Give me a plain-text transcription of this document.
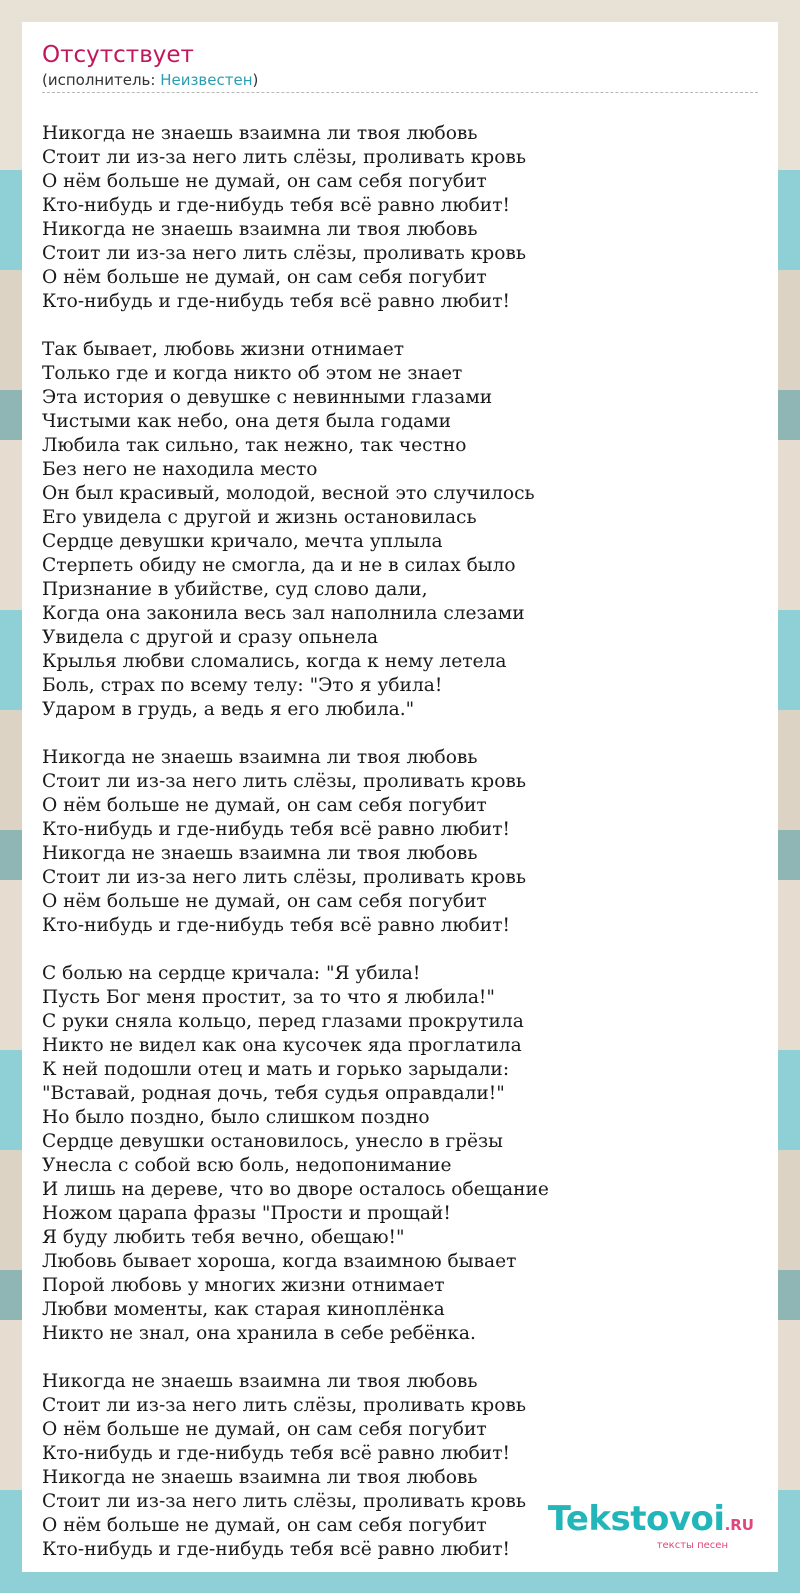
Отсутствует
(исполнитель: Неизвестен)
Никогда не знаешь взаимна ли твоя любовь
Стоит ли из-за него лить слёзы, проливать кровь
О нём больше не думай, он сам себя погубит
Кто-нибудь и где-нибудь тебя всё равно любит!
Никогда не знаешь взаимна ли твоя любовь
Стоит ли из-за него лить слёзы, проливать кровь
О нём больше не думай, он сам себя погубит
Кто-нибудь и где-нибудь тебя всё равно любит!
Так бывает, любовь жизни отнимает
Только где и когда никто об этом не знает
Эта история о девушке с невинными глазами
Чистыми как небо, она детя была годами
Любила так сильно, так нежно, так честно
Без него не находила место
Он был красивый, молодой, весной это случилось
Его увидела с другой и жизнь остановилась
Сердце девушки кричало, мечта уплыла
Стерпеть обиду не смогла, да и не в силах было
Признание в убийстве, суд слово дали,
Когда она законила весь зал наполнила слезами
Увидела с другой и сразу опьнела
Крылья любви сломались, когда к нему летела
Боль, страх по всему телу: "Это я убила!
Ударом в грудь, а ведь я его любила."
Никогда не знаешь взаимна ли твоя любовь
Стоит ли из-за него лить слёзы, проливать кровь
О нём больше не думай, он сам себя погубит
Кто-нибудь и где-нибудь тебя всё равно любит!
Никогда не знаешь взаимна ли твоя любовь
Стоит ли из-за него лить слёзы, проливать кровь
О нём больше не думай, он сам себя погубит
Кто-нибудь и где-нибудь тебя всё равно любит!
С болью на сердце кричала: "Я убила!
Пусть Бог меня простит, за то что я любила!"
С руки сняла кольцо, перед глазами прокрутила
Никто не видел как она кусочек яда проглатила
К ней подошли отец и мать и горько зарыдали:
"Вставай, родная дочь, тебя судья оправдали!"
Но было поздно, было слишком поздно
Сердце девушки остановилось, унесло в грёзы
Унесла с собой всю боль, недопонимание
И лишь на дереве, что во дворе осталось обещание
Ножом царапа фразы "Прости и прощай!
Я буду любить тебя вечно, обещаю!"
Любовь бывает хороша, когда взаимною бывает
Порой любовь у многих жизни отнимает
Любви моменты, как старая киноплёнка
Никто не знал, она хранила в себе ребёнка.
Никогда не знаешь взаимна ли твоя любовь
Стоит ли из-за него лить слёзы, проливать кровь
О нём больше не думай, он сам себя погубит
Кто-нибудь и где-нибудь тебя всё равно любит!
Никогда не знаешь взаимна ли твоя любовь
Стоит ли из-за него лить слёзы, проливать кровь
О нём больше не думай, он сам себя погубит
Кто-нибудь и где-нибудь тебя всё равно любит!
Tekstovoi.RU
тексты песен
